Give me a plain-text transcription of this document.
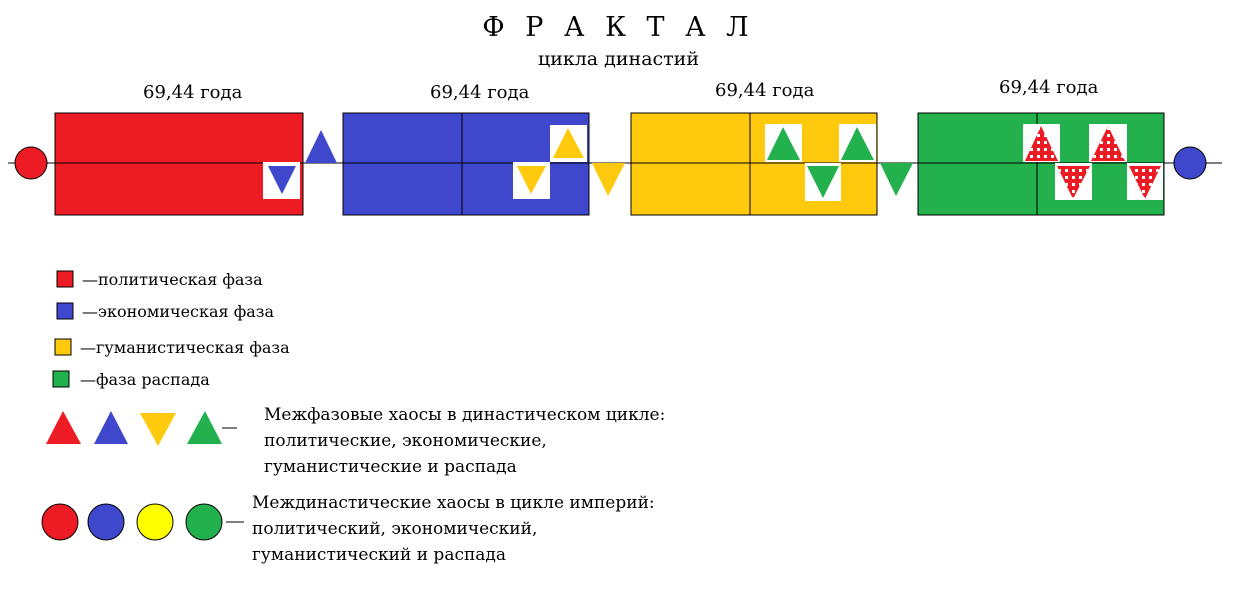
Ф Р А К Т А Л
цикла династий
69,44 года	69,44 года	69,44 года	69,44 года
—политическая фаза
—экономическая фаза
—гуманистическая фаза
—фаза распада
Межфазовые хаосы в династическом цикле:
политические, экономические,
гуманистические и распада
Междинастические хаосы в цикле империй:
политический, экономический,
гуманистический и распада
